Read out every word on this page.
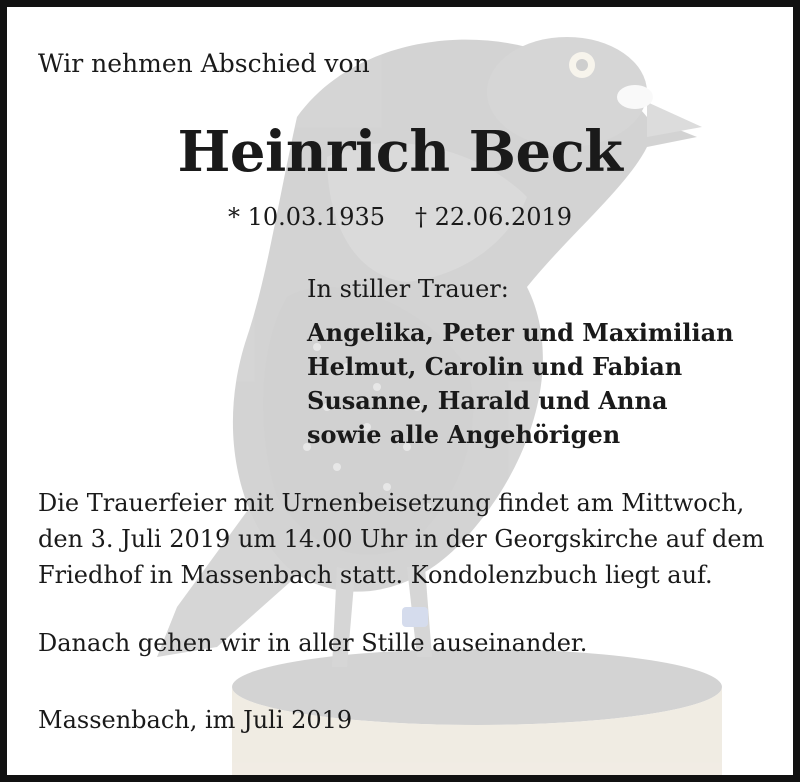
Wir nehmen Abschied von
Heinrich Beck
* 10.03.1935 † 22.06.2019
In stiller Trauer:
Angelika, Peter und Maximilian
Helmut, Carolin und Fabian
Susanne, Harald und Anna
sowie alle Angehörigen
Die Trauerfeier mit Urnenbeisetzung findet am Mittwoch,
den 3. Juli 2019 um 14.00 Uhr in der Georgskirche auf dem
Friedhof in Massenbach statt. Kondolenzbuch liegt auf.
Danach gehen wir in aller Stille auseinander.
Massenbach, im Juli 2019
